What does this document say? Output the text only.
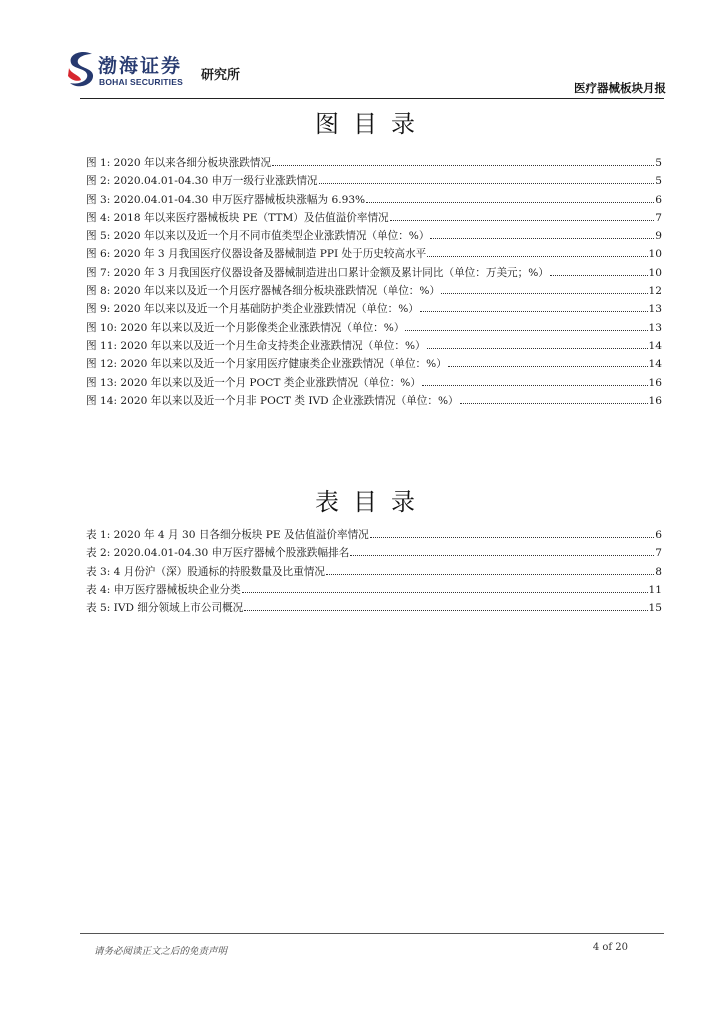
渤海证券
BOHAI SECURITIES 研究所
医疗器械板块月报
图目录
图 1: 2020 年以来各细分板块涨跌情况	5
图 2: 2020.04.01-04.30 申万一级行业涨跌情况	5
图 3: 2020.04.01-04.30 申万医疗器械板块涨幅为 6.93%	6
图 4: 2018 年以来医疗器械板块 PE（TTM）及估值溢价率情况	7
图 5: 2020 年以来以及近一个月不同市值类型企业涨跌情况（单位：%）	9
图 6: 2020 年 3 月我国医疗仪器设备及器械制造 PPI 处于历史较高水平	10
图 7: 2020 年 3 月我国医疗仪器设备及器械制造进出口累计金额及累计同比（单位：万美元；%）	10
图 8: 2020 年以来以及近一个月医疗器械各细分板块涨跌情况（单位：%）	12
图 9: 2020 年以来以及近一个月基础防护类企业涨跌情况（单位：%）	13
图 10: 2020 年以来以及近一个月影像类企业涨跌情况（单位：%）	13
图 11: 2020 年以来以及近一个月生命支持类企业涨跌情况（单位：%）	14
图 12: 2020 年以来以及近一个月家用医疗健康类企业涨跌情况（单位：%）	14
图 13: 2020 年以来以及近一个月 POCT 类企业涨跌情况（单位：%）	16
图 14: 2020 年以来以及近一个月非 POCT 类 IVD 企业涨跌情况（单位：%）	16
表目录
表 1: 2020 年 4 月 30 日各细分板块 PE 及估值溢价率情况	6
表 2: 2020.04.01-04.30 申万医疗器械个股涨跌幅排名	7
表 3: 4 月份沪（深）股通标的持股数量及比重情况	8
表 4: 申万医疗器械板块企业分类	11
表 5: IVD 细分领域上市公司概况	15
请务必阅读正文之后的免责声明	4 of 20
